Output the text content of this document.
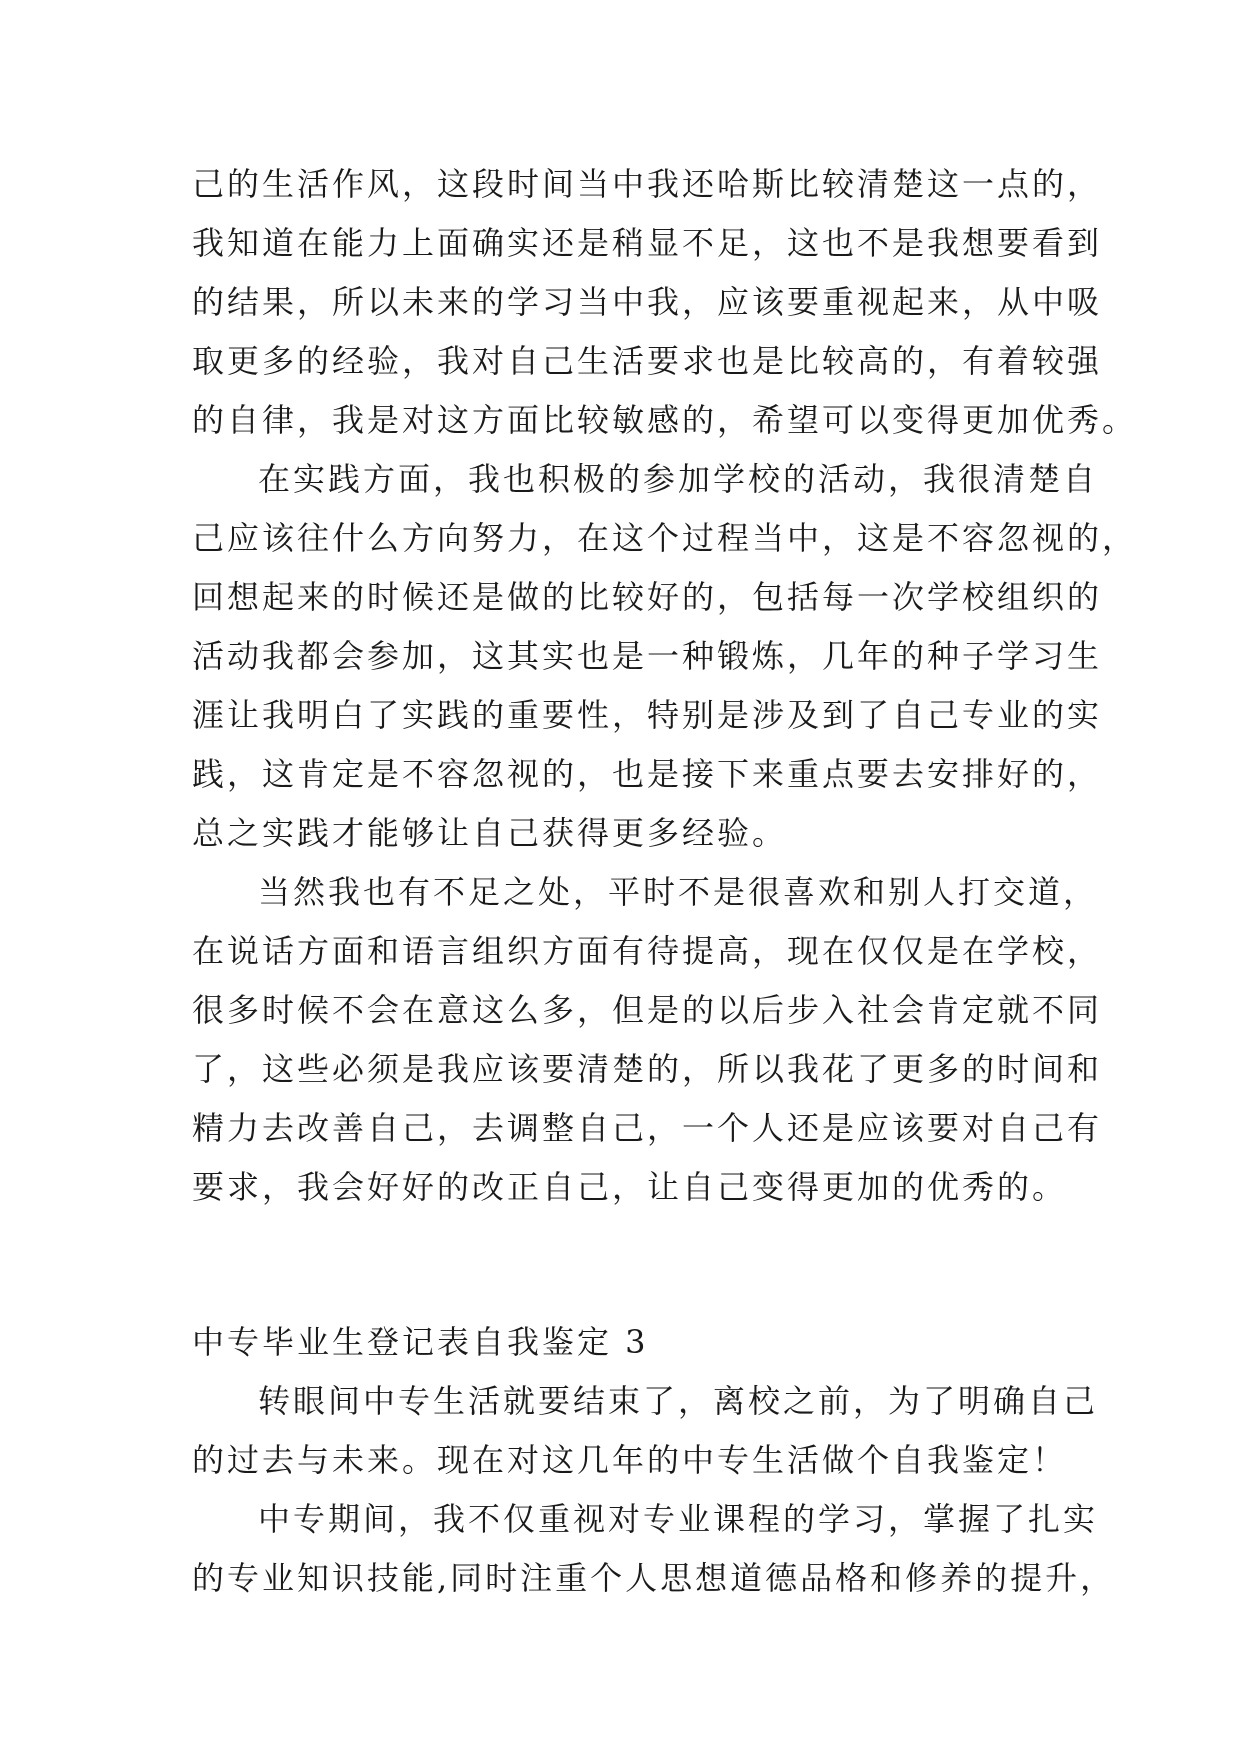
己的生活作风，这段时间当中我还哈斯比较清楚这一点的，
我知道在能力上面确实还是稍显不足，这也不是我想要看到
的结果，所以未来的学习当中我，应该要重视起来，从中吸
取更多的经验，我对自己生活要求也是比较高的，有着较强
的自律，我是对这方面比较敏感的，希望可以变得更加优秀。
在实践方面，我也积极的参加学校的活动，我很清楚自
己应该往什么方向努力，在这个过程当中，这是不容忽视的，
回想起来的时候还是做的比较好的，包括每一次学校组织的
活动我都会参加，这其实也是一种锻炼，几年的种子学习生
涯让我明白了实践的重要性，特别是涉及到了自己专业的实
践，这肯定是不容忽视的，也是接下来重点要去安排好的，
总之实践才能够让自己获得更多经验。
当然我也有不足之处，平时不是很喜欢和别人打交道，
在说话方面和语言组织方面有待提高，现在仅仅是在学校，
很多时候不会在意这么多，但是的以后步入社会肯定就不同
了，这些必须是我应该要清楚的，所以我花了更多的时间和
精力去改善自己，去调整自己，一个人还是应该要对自己有
要求，我会好好的改正自己，让自己变得更加的优秀的。
中专毕业生登记表自我鉴定 3
转眼间中专生活就要结束了，离校之前，为了明确自己
的过去与未来。现在对这几年的中专生活做个自我鉴定！
中专期间，我不仅重视对专业课程的学习，掌握了扎实
的专业知识技能,同时注重个人思想道德品格和修养的提升，
